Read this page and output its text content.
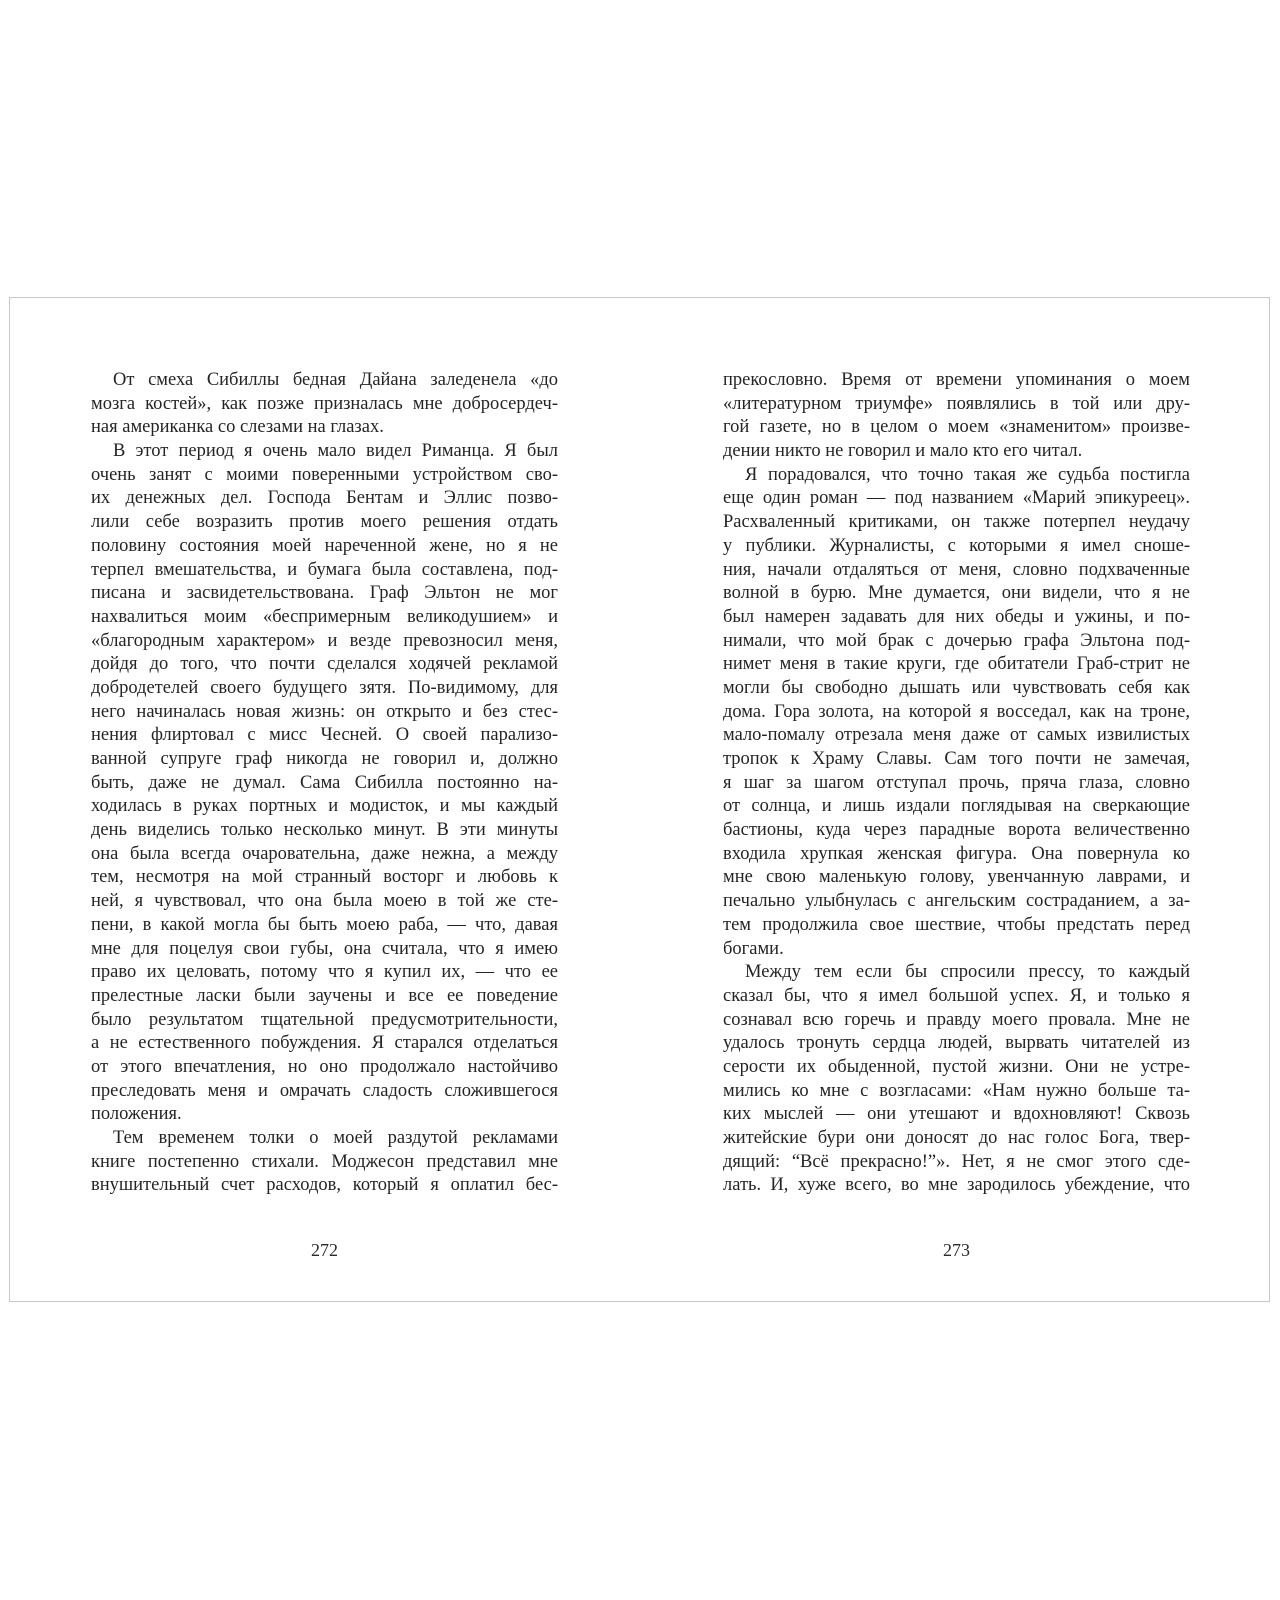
От смеха Сибиллы бедная Дайана заледенела «до
мозга костей», как позже призналась мне добросердеч-
ная американка со слезами на глазах.
В этот период я очень мало видел Риманца. Я был
очень занят с моими поверенными устройством сво-
их денежных дел. Господа Бентам и Эллис позво-
лили себе возразить против моего решения отдать
половину состояния моей нареченной жене, но я не
терпел вмешательства, и бумага была составлена, под-
писана и засвидетельствована. Граф Эльтон не мог
нахвалиться моим «беспримерным великодушием» и
«благородным характером» и везде превозносил меня,
дойдя до того, что почти сделался ходячей рекламой
добродетелей своего будущего зятя. По-видимому, для
него начиналась новая жизнь: он открыто и без стес-
нения флиртовал с мисс Чесней. О своей парализо-
ванной супруге граф никогда не говорил и, должно
быть, даже не думал. Сама Сибилла постоянно на-
ходилась в руках портных и модисток, и мы каждый
день виделись только несколько минут. В эти минуты
она была всегда очаровательна, даже нежна, а между
тем, несмотря на мой странный восторг и любовь к
ней, я чувствовал, что она была моею в той же сте-
пени, в какой могла бы быть моею раба, — что, давая
мне для поцелуя свои губы, она считала, что я имею
право их целовать, потому что я купил их, — что ее
прелестные ласки были заучены и все ее поведение
было результатом тщательной предусмотрительности,
а не естественного побуждения. Я старался отделаться
от этого впечатления, но оно продолжало настойчиво
преследовать меня и омрачать сладость сложившегося
положения.
Тем временем толки о моей раздутой рекламами
книге постепенно стихали. Моджесон представил мне
внушительный счет расходов, который я оплатил бес-
272
прекословно. Время от времени упоминания о моем
«литературном триумфе» появлялись в той или дру-
гой газете, но в целом о моем «знаменитом» произве-
дении никто не говорил и мало кто его читал.
Я порадовался, что точно такая же судьба постигла
еще один роман — под названием «Марий эпикуреец».
Расхваленный критиками, он также потерпел неудачу
у публики. Журналисты, с которыми я имел сноше-
ния, начали отдаляться от меня, словно подхваченные
волной в бурю. Мне думается, они видели, что я не
был намерен задавать для них обеды и ужины, и по-
нимали, что мой брак с дочерью графа Эльтона под-
нимет меня в такие круги, где обитатели Граб-стрит не
могли бы свободно дышать или чувствовать себя как
дома. Гора золота, на которой я восседал, как на троне,
мало-помалу отрезала меня даже от самых извилистых
тропок к Храму Славы. Сам того почти не замечая,
я шаг за шагом отступал прочь, пряча глаза, словно
от солнца, и лишь издали поглядывая на сверкающие
бастионы, куда через парадные ворота величественно
входила хрупкая женская фигура. Она повернула ко
мне свою маленькую голову, увенчанную лаврами, и
печально улыбнулась с ангельским состраданием, а за-
тем продолжила свое шествие, чтобы предстать перед
богами.
Между тем если бы спросили прессу, то каждый
сказал бы, что я имел большой успех. Я, и только я
сознавал всю горечь и правду моего провала. Мне не
удалось тронуть сердца людей, вырвать читателей из
серости их обыденной, пустой жизни. Они не устре-
мились ко мне с возгласами: «Нам нужно больше та-
ких мыслей — они утешают и вдохновляют! Сквозь
житейские бури они доносят до нас голос Бога, твер-
дящий: “Всё прекрасно!”». Нет, я не смог этого сде-
лать. И, хуже всего, во мне зародилось убеждение, что
273
